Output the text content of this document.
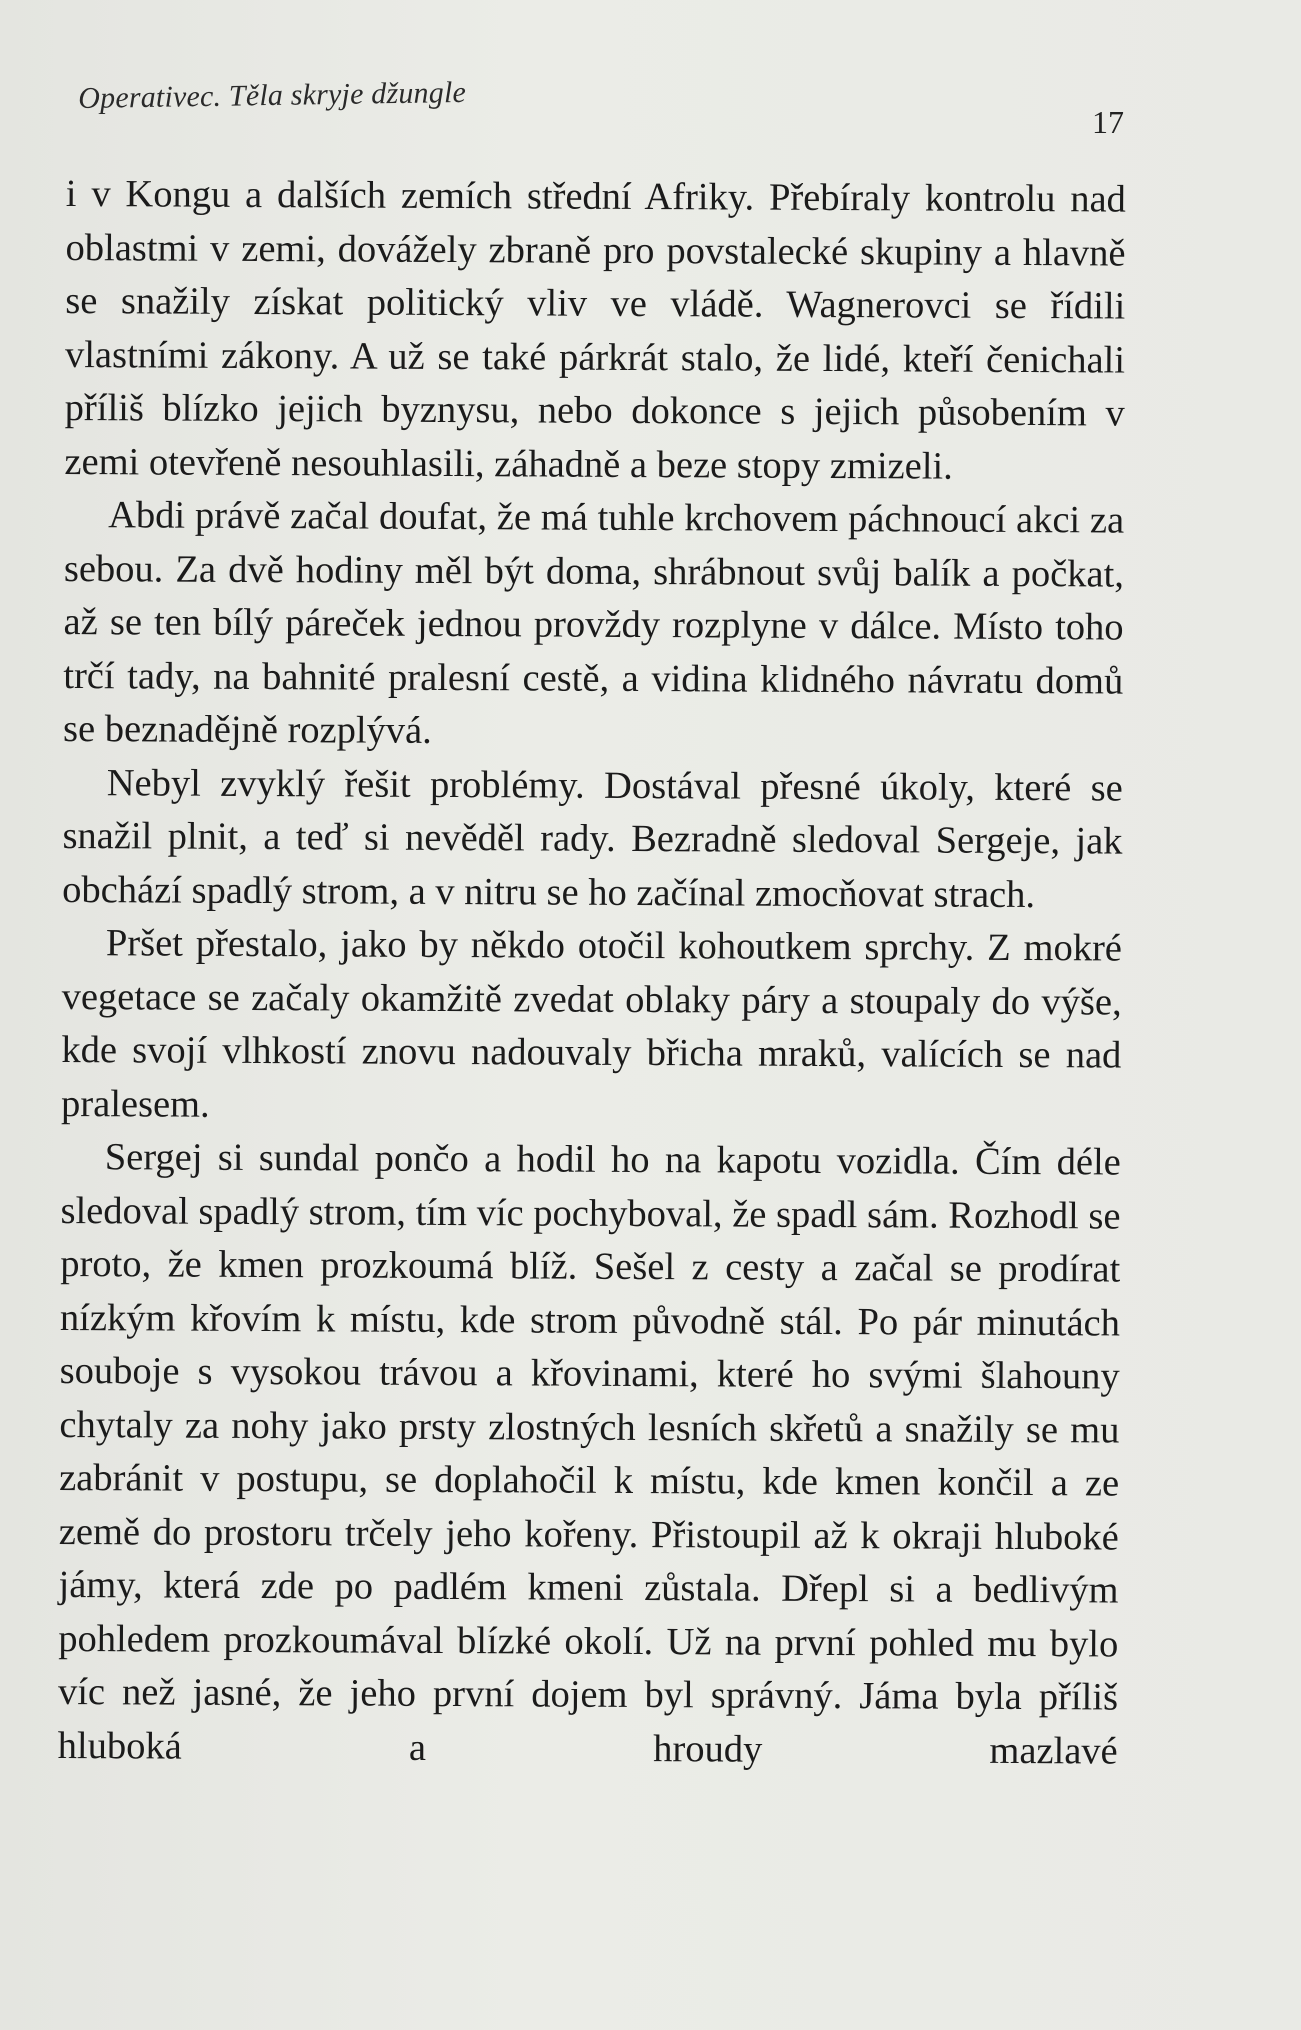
Operativec. Těla skryje džungle
17

i v Kongu a dalších zemích střední Afriky. Přebíraly kontrolu nad oblastmi v zemi, dovážely zbraně pro povstalecké skupiny a hlavně se snažily získat politický vliv ve vládě. Wagnerovci se řídili vlastními zákony. A už se také párkrát stalo, že lidé, kteří čenichali příliš blízko jejich byznysu, nebo dokonce s jejich působením v zemi otevřeně nesouhlasili, záhadně a beze stopy zmizeli.

Abdi právě začal doufat, že má tuhle krchovem páchnoucí akci za sebou. Za dvě hodiny měl být doma, shrábnout svůj balík a počkat, až se ten bílý páreček jednou provždy rozplyne v dálce. Místo toho trčí tady, na bahnité pralesní cestě, a vidina klidného návratu domů se beznadějně rozplývá.

Nebyl zvyklý řešit problémy. Dostával přesné úkoly, které se snažil plnit, a teď si nevěděl rady. Bezradně sledoval Sergeje, jak obchází spadlý strom, a v nitru se ho začínal zmocňovat strach.

Pršet přestalo, jako by někdo otočil kohoutkem sprchy. Z mokré vegetace se začaly okamžitě zvedat oblaky páry a stoupaly do výše, kde svojí vlhkostí znovu nadouvaly břicha mraků, valících se nad pralesem.

Sergej si sundal pončo a hodil ho na kapotu vozidla. Čím déle sledoval spadlý strom, tím víc pochyboval, že spadl sám. Rozhodl se proto, že kmen prozkoumá blíž. Sešel z cesty a začal se prodírat nízkým křovím k místu, kde strom původně stál. Po pár minutách souboje s vysokou trávou a křovinami, které ho svými šlahouny chytaly za nohy jako prsty zlostných lesních skřetů a snažily se mu zabránit v postupu, se doplahočil k místu, kde kmen končil a ze země do prostoru trčely jeho kořeny. Přistoupil až k okraji hluboké jámy, která zde po padlém kmeni zůstala. Dřepl si a bedlivým pohledem prozkoumával blízké okolí. Už na první pohled mu bylo víc než jasné, že jeho první dojem byl správný. Jáma byla příliš hluboká a hroudy mazlavé
